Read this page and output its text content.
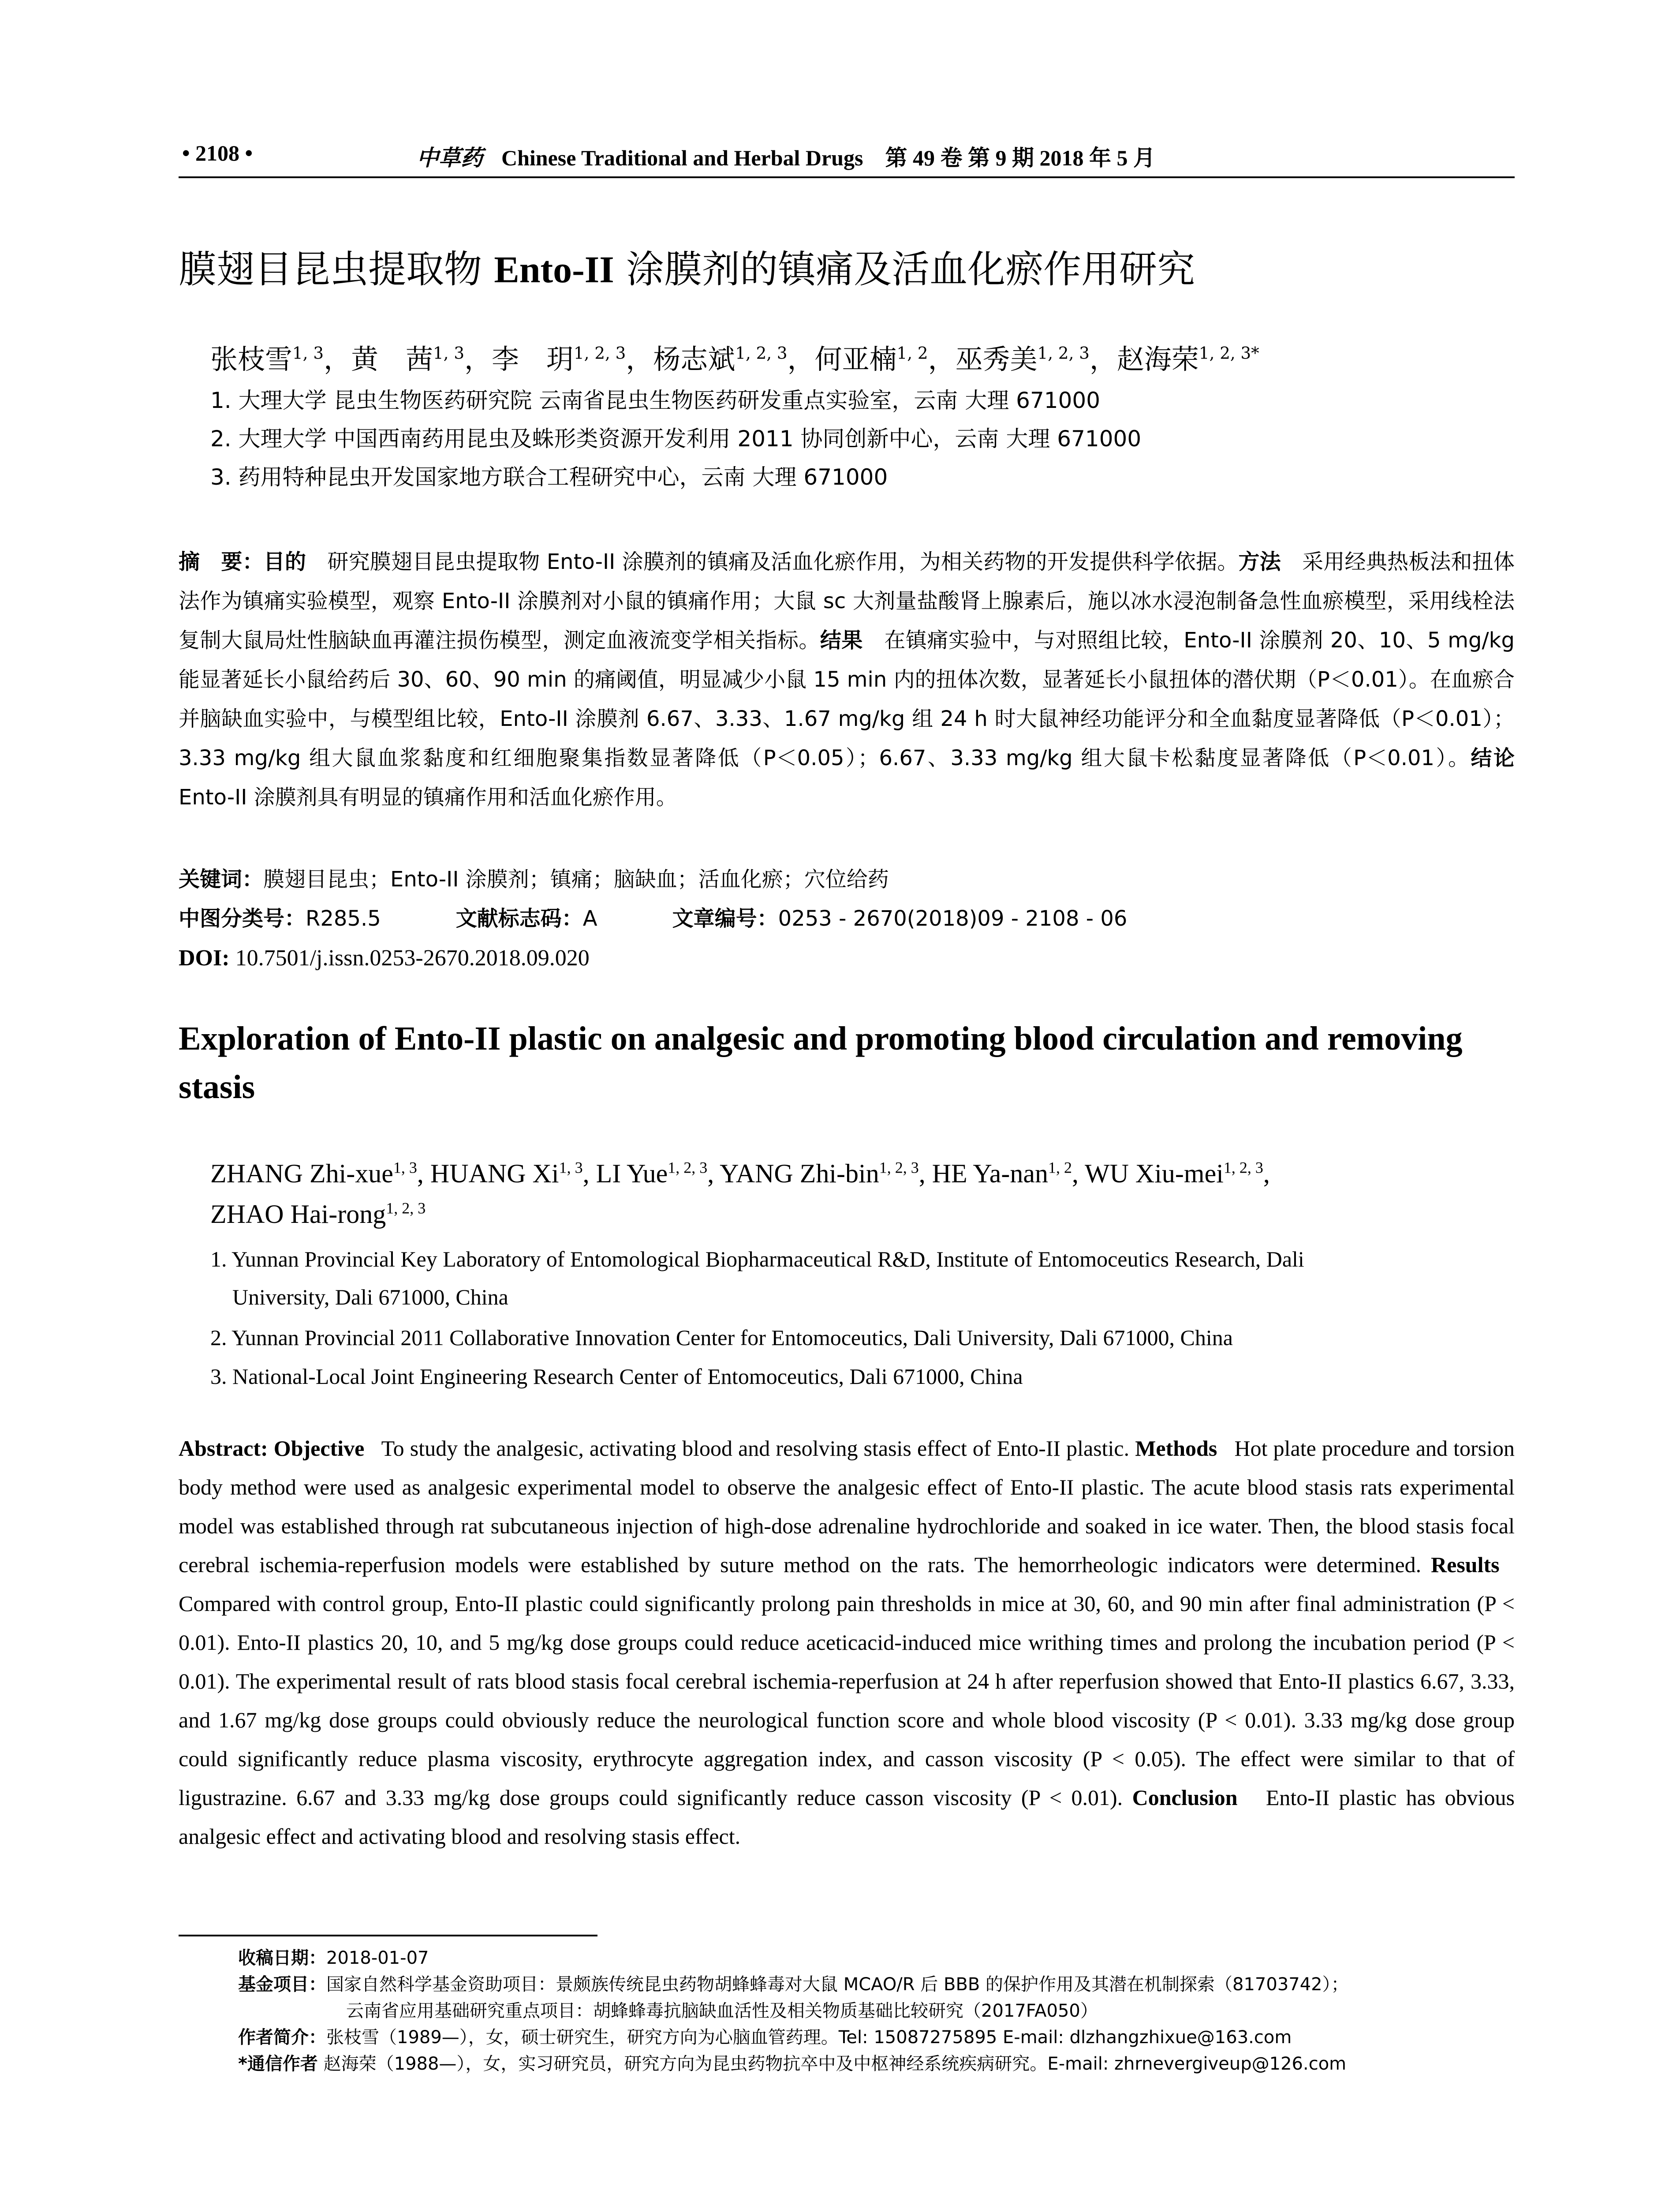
• 2108 •	中草药 Chinese Traditional and Herbal Drugs　第 49 卷 第 9 期 2018 年 5 月
膜翅目昆虫提取物 Ento-II 涂膜剂的镇痛及活血化瘀作用研究
张枝雪$^{1, 3}$，黄　茜$^{1, 3}$，李　玥$^{1, 2, 3}$，杨志斌$^{1, 2, 3}$，何亚楠$^{1, 2}$，巫秀美$^{1, 2, 3}$，赵海荣$^{1, 2, 3*}$
1. 大理大学 昆虫生物医药研究院 云南省昆虫生物医药研发重点实验室，云南 大理 671000
2. 大理大学 中国西南药用昆虫及蛛形类资源开发利用 2011 协同创新中心，云南 大理 671000
3. 药用特种昆虫开发国家地方联合工程研究中心，云南 大理 671000
摘　要：目的　 研究膜翅目昆虫提取物 Ento-II 涂膜剂的镇痛及活血化瘀作用，为相关药物的开发提供科学依据。方法　 采用经典热板法和扭体法作为镇痛实验模型，观察 Ento-II 涂膜剂对小鼠的镇痛作用；大鼠 sc 大剂量盐酸肾上腺素后，施以冰水浸泡制备急性血瘀模型，采用线栓法复制大鼠局灶性脑缺血再灌注损伤模型，测定血液流变学相关指标。结果　 在镇痛实验中，与对照组比较，Ento-II 涂膜剂 20、10、5 mg/kg 能显著延长小鼠给药后 30、60、90 min 的痛阈值，明显减少小鼠 15 min 内的扭体次数，显著延长小鼠扭体的潜伏期（P＜0.01）。在血瘀合并脑缺血实验中，与模型组比较，Ento-II 涂膜剂 6.67、3.33、1.67 mg/kg 组 24 h 时大鼠神经功能评分和全血黏度显著降低（P＜0.01）；3.33 mg/kg 组大鼠血浆黏度和红细胞聚集指数显著降低（P＜0.05）；6.67、3.33 mg/kg 组大鼠卡松黏度显著降低（P＜0.01）。结论　Ento-II 涂膜剂具有明显的镇痛作用和活血化瘀作用。
关键词：膜翅目昆虫；Ento-II 涂膜剂；镇痛；脑缺血；活血化瘀；穴位给药
中图分类号：R285.5	文献标志码：A	文章编号：0253 - 2670(2018)09 - 2108 - 06
DOI: 10.7501/j.issn.0253-2670.2018.09.020
Exploration of Ento-II plastic on analgesic and promoting blood circulation and removing stasis
ZHANG Zhi-xue$^{1, 3}$, HUANG Xi$^{1, 3}$, LI Yue$^{1, 2, 3}$, YANG Zhi-bin$^{1, 2, 3}$, HE Ya-nan$^{1, 2}$, WU Xiu-mei$^{1, 2, 3}$,
ZHAO Hai-rong$^{1, 2, 3}$
1. Yunnan Provincial Key Laboratory of Entomological Biopharmaceutical R&D, Institute of Entomoceutics Research, Dali
University, Dali 671000, China
2. Yunnan Provincial 2011 Collaborative Innovation Center for Entomoceutics, Dali University, Dali 671000, China
3. National-Local Joint Engineering Research Center of Entomoceutics, Dali 671000, China
Abstract: Objective To study the analgesic, activating blood and resolving stasis effect of Ento-II plastic. Methods Hot plate procedure and torsion body method were used as analgesic experimental model to observe the analgesic effect of Ento-II plastic. The acute blood stasis rats experimental model was established through rat subcutaneous injection of high-dose adrenaline hydrochloride and soaked in ice water. Then, the blood stasis focal cerebral ischemia-reperfusion models were established by suture method on the rats. The hemorrheologic indicators were determined. Results   Compared with control group, Ento-II plastic could significantly prolong pain thresholds in mice at 30, 60, and 90 min after final administration (P < 0.01). Ento-II plastics 20, 10, and 5 mg/kg dose groups could reduce aceticacid-induced mice writhing times and prolong the incubation period (P < 0.01). The experimental result of rats blood stasis focal cerebral ischemia-reperfusion at 24 h after reperfusion showed that Ento-II plastics 6.67, 3.33, and 1.67 mg/kg dose groups could obviously reduce the neurological function score and whole blood viscosity (P < 0.01). 3.33 mg/kg dose group could significantly reduce plasma viscosity, erythrocyte aggregation index, and casson viscosity (P < 0.05). The effect were similar to that of ligustrazine. 6.67 and 3.33 mg/kg dose groups could significantly reduce casson viscosity (P < 0.01). Conclusion Ento-II plastic has obvious analgesic effect and activating blood and resolving stasis effect.
收稿日期：2018-01-07
基金项目：国家自然科学基金资助项目：景颇族传统昆虫药物胡蜂蜂毒对大鼠 MCAO/R 后 BBB 的保护作用及其潜在机制探索（81703742）；
云南省应用基础研究重点项目：胡蜂蜂毒抗脑缺血活性及相关物质基础比较研究（2017FA050）
作者简介：张枝雪（1989—），女，硕士研究生，研究方向为心脑血管药理。Tel: 15087275895 E-mail: dlzhangzhixue@163.com
*通信作者 赵海荣（1988—），女，实习研究员，研究方向为昆虫药物抗卒中及中枢神经系统疾病研究。E-mail: zhrnevergiveup@126.com
